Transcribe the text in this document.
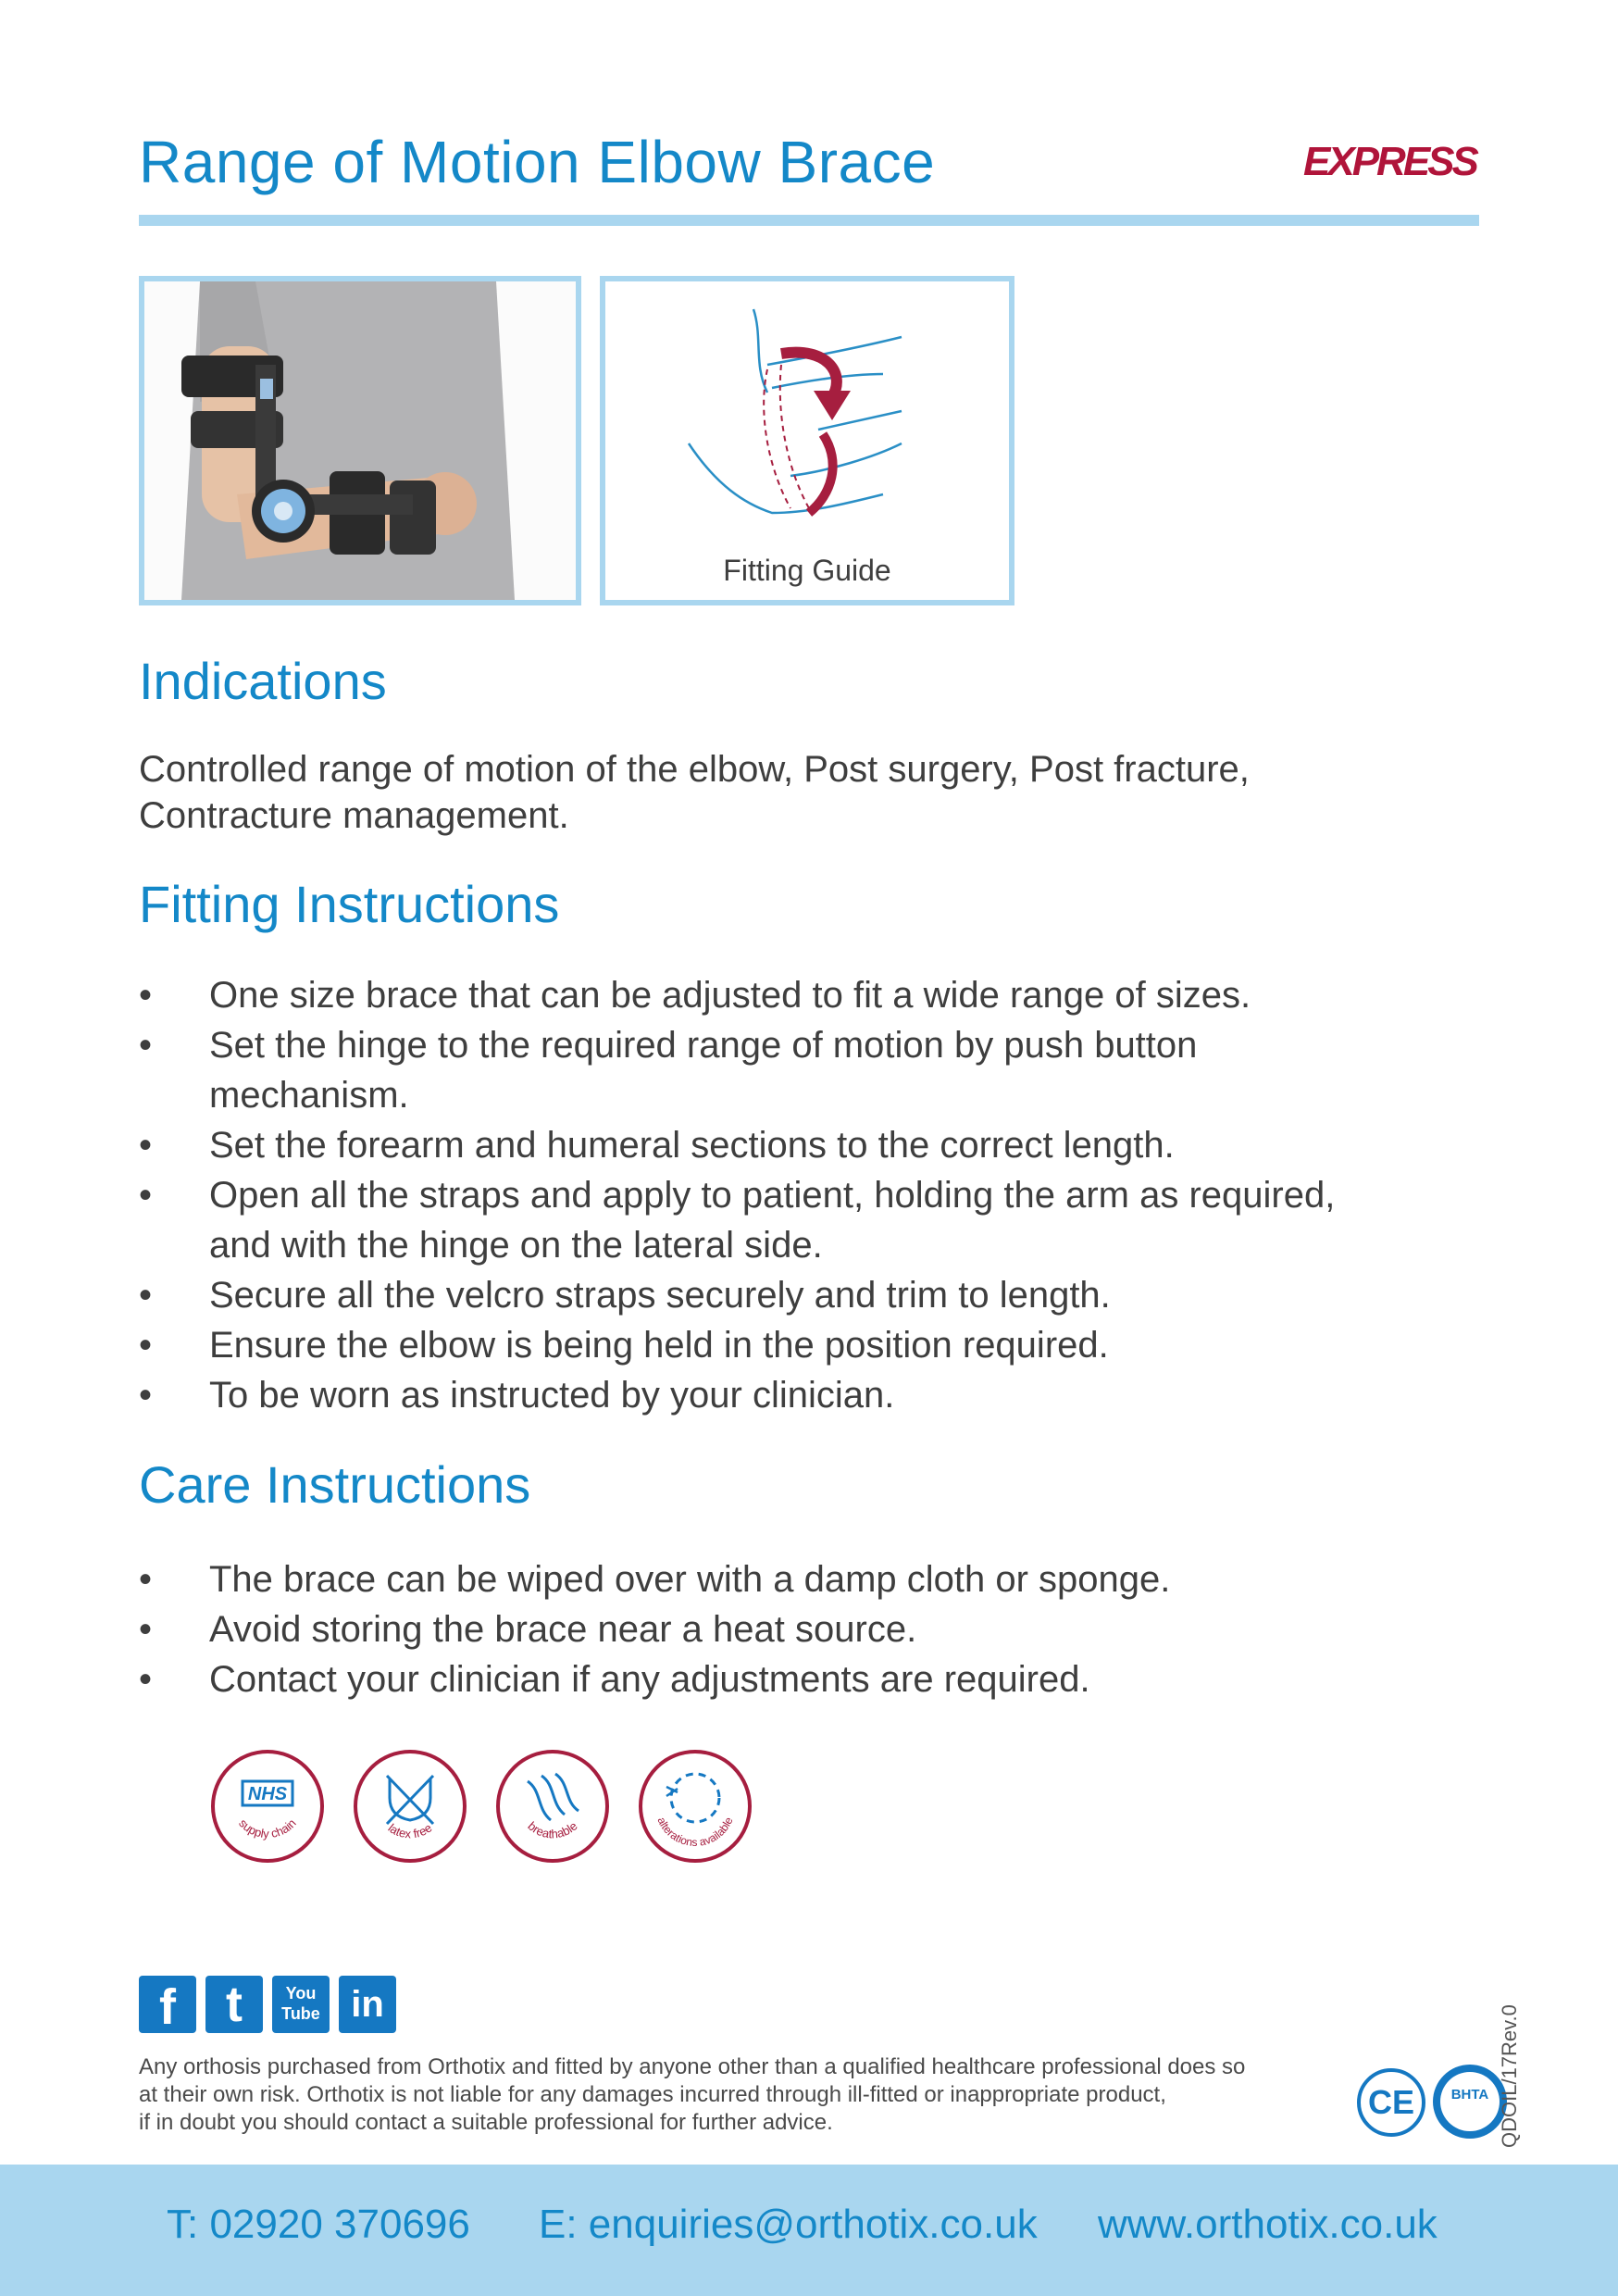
Range of Motion Elbow Brace	EXPRESS
Fitting Guide
Indications
Controlled range of motion of the elbow, Post surgery, Post fracture,
Contracture management.
Fitting Instructions
• One size brace that can be adjusted to fit a wide range of sizes.
• Set the hinge to the required range of motion by push button
mechanism.
• Set the forearm and humeral sections to the correct length.
• Open all the straps and apply to patient, holding the arm as required,
and with the hinge on the lateral side.
• Secure all the velcro straps securely and trim to length.
• Ensure the elbow is being held in the position required.
• To be worn as instructed by your clinician.
Care Instructions
• The brace can be wiped over with a damp cloth or sponge.
• Avoid storing the brace near a heat source.
• Contact your clinician if any adjustments are required.
NHS
supply chain	latex free	breathable	alterations available
f	t	You Tube in
Any orthosis purchased from Orthotix and fitted by anyone other than a qualified healthcare professional does so
at their own risk. Orthotix is not liable for any damages incurred through ill-fitted or inappropriate product,
if in doubt you should contact a suitable professional for further advice.
CE	BHTA QDOIL/17Rev.0
T: 02920 370696 E: enquiries@orthotix.co.uk www.orthotix.co.uk
